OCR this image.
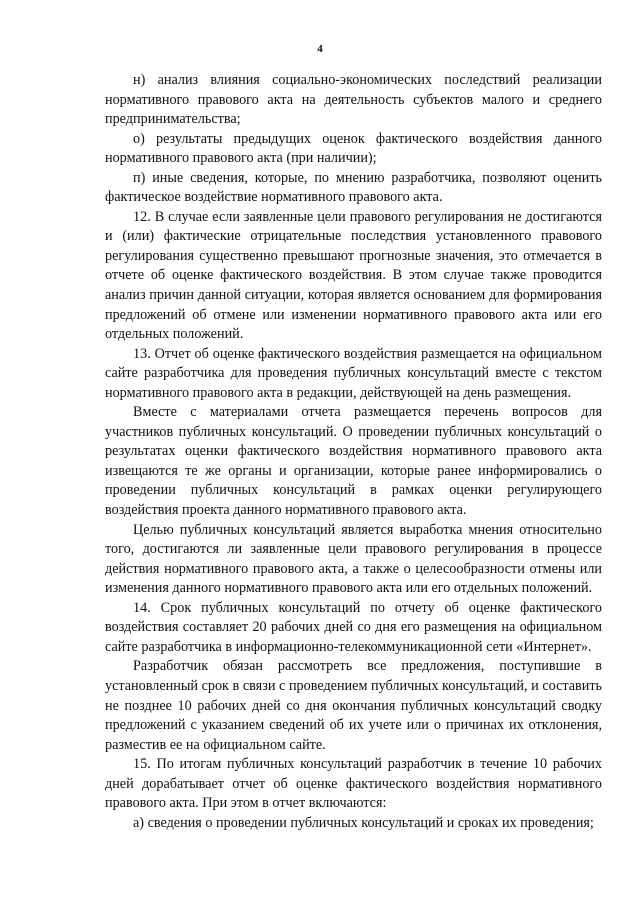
4

н) анализ влияния социально-экономических последствий реализации нормативного правового акта на деятельность субъектов малого и среднего предпринимательства;

о) результаты предыдущих оценок фактического воздействия данного нормативного правового акта (при наличии);

п) иные сведения, которые, по мнению разработчика, позволяют оценить фактическое воздействие нормативного правового акта.

12. В случае если заявленные цели правового регулирования не достигаются и (или) фактические отрицательные последствия установленного правового регулирования существенно превышают прогнозные значения, это отмечается в отчете об оценке фактического воздействия. В этом случае также проводится анализ причин данной ситуации, которая является основанием для формирования предложений об отмене или изменении нормативного правового акта или его отдельных положений.

13. Отчет об оценке фактического воздействия размещается на официальном сайте разработчика для проведения публичных консультаций вместе с текстом нормативного правового акта в редакции, действующей на день размещения.

Вместе с материалами отчета размещается перечень вопросов для участников публичных консультаций. О проведении публичных консультаций о результатах оценки фактического воздействия нормативного правового акта извещаются те же органы и организации, которые ранее информировались о проведении публичных консультаций в рамках оценки регулирующего воздействия проекта данного нормативного правового акта.

Целью публичных консультаций является выработка мнения относительно того, достигаются ли заявленные цели правового регулирования в процессе действия нормативного правового акта, а также о целесообразности отмены или изменения данного нормативного правового акта или его отдельных положений.

14. Срок публичных консультаций по отчету об оценке фактического воздействия составляет 20 рабочих дней со дня его размещения на официальном сайте разработчика в информационно-телекоммуникационной сети «Интернет».

Разработчик обязан рассмотреть все предложения, поступившие в установленный срок в связи с проведением публичных консультаций, и составить не позднее 10 рабочих дней со дня окончания публичных консультаций сводку предложений с указанием сведений об их учете или о причинах их отклонения, разместив ее на официальном сайте.

15. По итогам публичных консультаций разработчик в течение 10 рабочих дней дорабатывает отчет об оценке фактического воздействия нормативного правового акта. При этом в отчет включаются:

а) сведения о проведении публичных консультаций и сроках их проведения;
